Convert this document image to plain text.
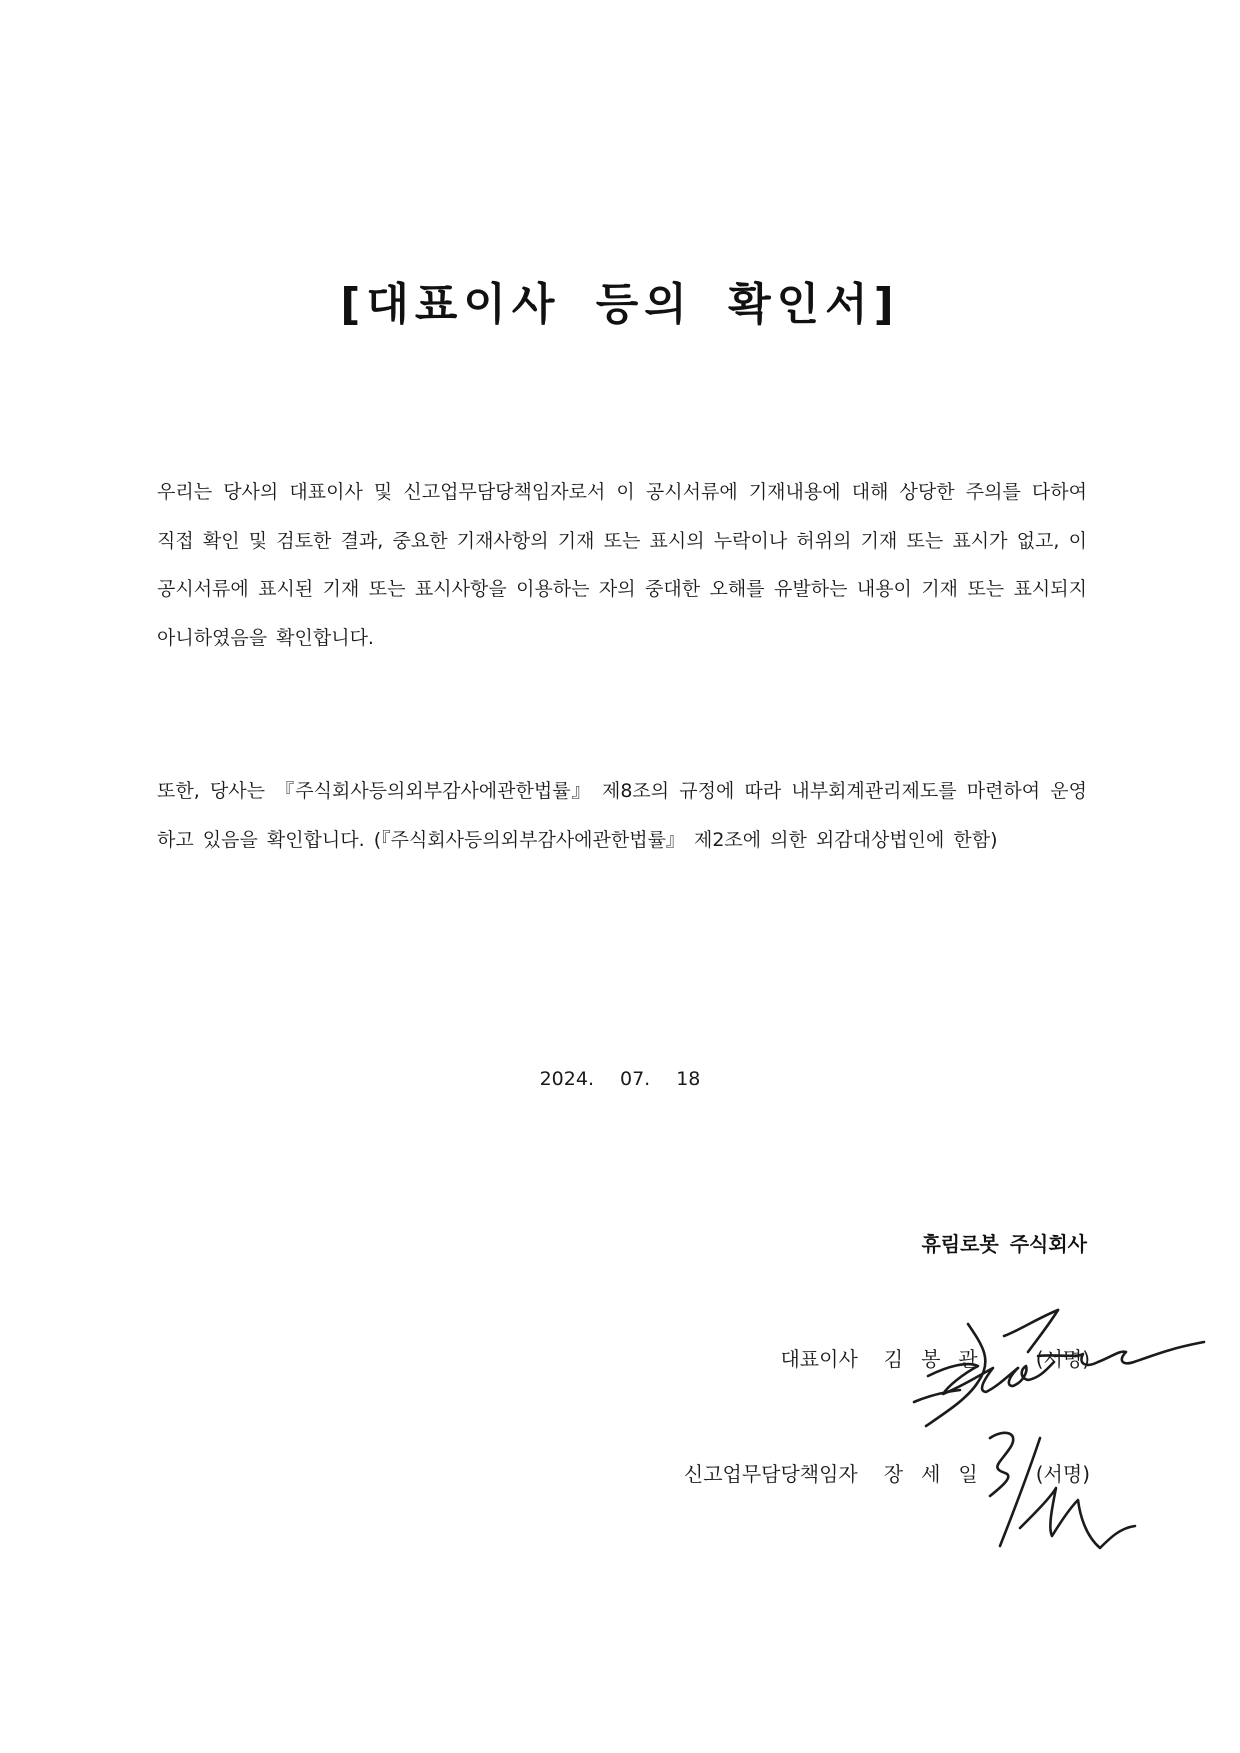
[대표이사 등의 확인서]
우리는 당사의 대표이사 및 신고업무담당책임자로서 이 공시서류에 기재내용에 대해 상당한 주의를 다하여 직접 확인 및 검토한 결과, 중요한 기재사항의 기재 또는 표시의 누락이나 허위의 기재 또는 표시가 없고, 이 공시서류에 표시된 기재 또는 표시사항을 이용하는 자의 중대한 오해를 유발하는 내용이 기재 또는 표시되지 아니하였음을 확인합니다.
또한, 당사는 『주식회사등의외부감사에관한법률』 제8조의 규정에 따라 내부회계관리제도를 마련하여 운영하고 있음을 확인합니다. (『주식회사등의외부감사에관한법률』 제2조에 의한 외감대상법인에 한함)
2024. 07. 18
휴림로봇 주식회사
대표이사 김 봉 관	(서명)
신고업무담당책임자 장 세 일	(서명)
